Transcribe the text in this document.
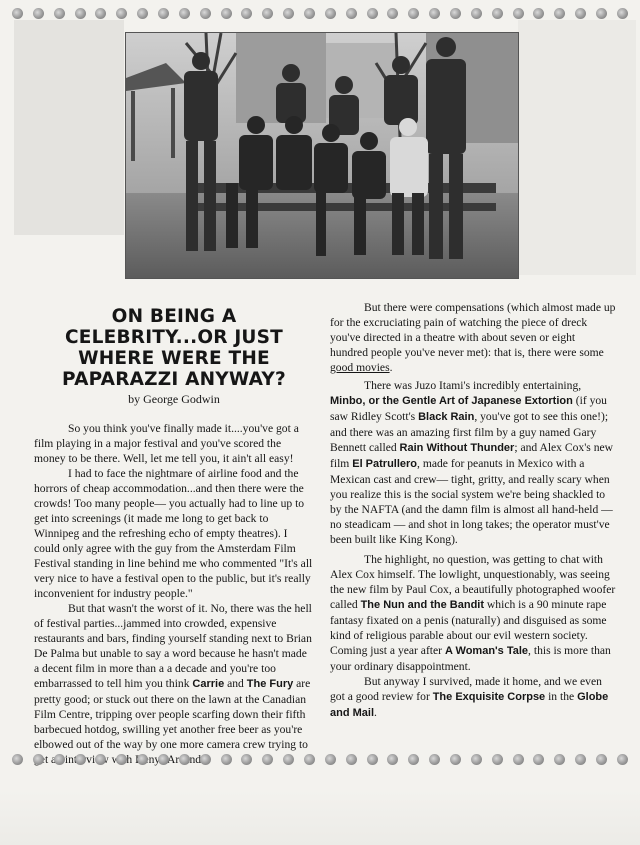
ON BEING A CELEBRITY...OR JUST WHERE WERE THE PAPARAZZI ANYWAY?
by George Godwin

So you think you've finally made it....you've got a film playing in a major festival and you've scored the money to be there. Well, let me tell you, it ain't all easy!

I had to face the nightmare of airline food and the horrors of cheap accommodation...and then there were the crowds! Too many people— you actually had to line up to get into screenings (it made me long to get back to Winnipeg and the refreshing echo of empty theatres). I could only agree with the guy from the Amsterdam Film Festival standing in line behind me who commented "It's all very nice to have a festival open to the public, but it's really inconvenient for industry people."

But that wasn't the worst of it. No, there was the hell of festival parties...jammed into crowded, expensive restaurants and bars, finding yourself standing next to Brian De Palma but unable to say a word because he hasn't made a decent film in more than a a decade and you're too embarrassed to tell him you think Carrie and The Fury are pretty good; or stuck out there on the lawn at the Canadian Film Centre, tripping over people scarfing down their fifth barbecued hotdog, swilling yet another free beer as you're elbowed out of the way by one more camera crew trying to interview Denys

But there were compensations (which almost made up for the excruciating pain of watching the piece of dreck you've directed in a theatre with about seven or eight hundred people you've never met): that is, there were some good movies.

There was Juzo Itami's incredibly entertaining, Minbo, or the Gentle Art of Japanese Extortion (if you saw Ridley Scott's Black Rain, you've got to see this one!); and there was an amazing first film by a guy named Gary Bennett called Rain Without Thunder; and Alex Cox's new film El Patrullero, made for peanuts in Mexico with a Mexican cast and crew— tight, gritty, and really scary when you realize this is the social system we're being shackled to by the NAFTA (and the damn film is almost all hand-held — no steadicam — and shot in long takes; the operator must've been built like King Kong).

The highlight, no question, was getting to chat with Alex Cox himself. The lowlight, unquestionably, was seeing the new film by Paul Cox, a beautifully photographed woofer called The Nun and the Bandit which is a 90 minute rape fantasy fixated on a penis (naturally) and disguised as some kind of religious parable about our evil western society. Coming just a year after A Woman's Tale, this is more than your ordinary disappointment.

But anyway I survived, made it home, and we even got a good review for The Exquisite Corpse in the Globe and Mail.
